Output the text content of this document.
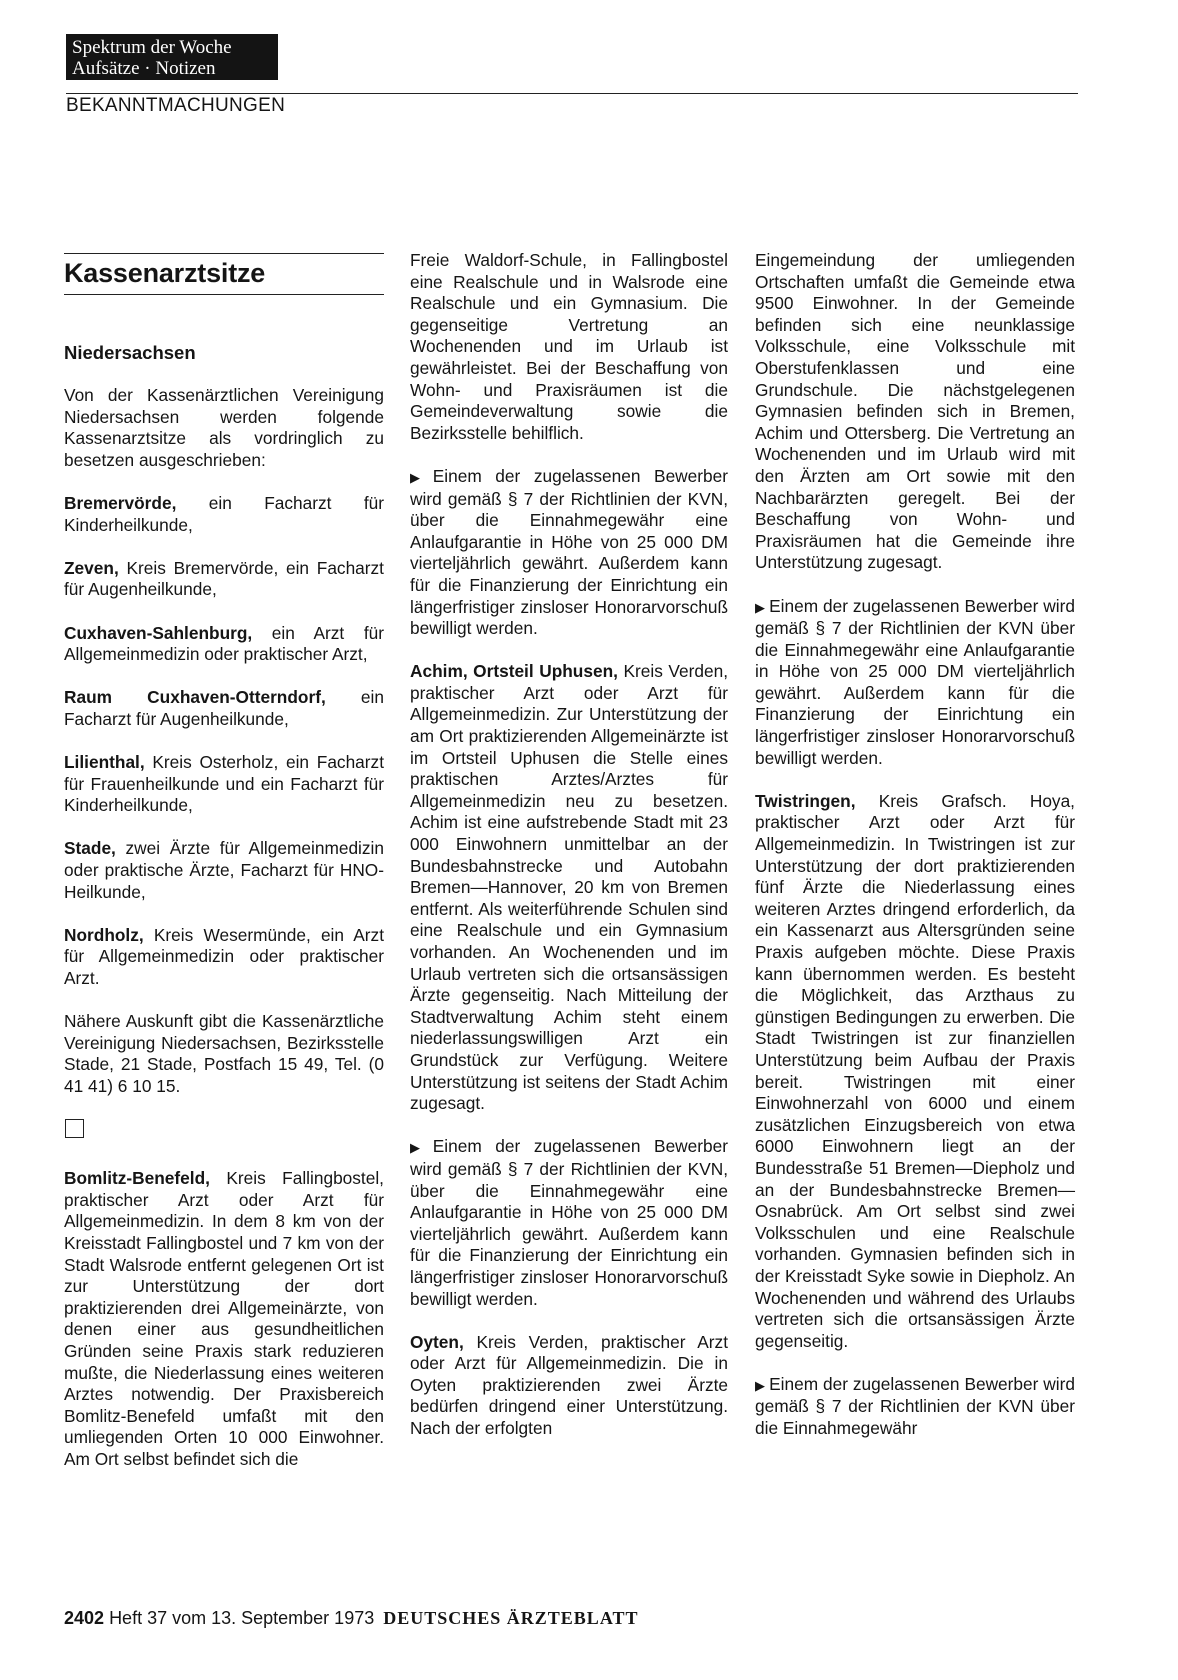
Spektrum der Woche
Aufsätze · Notizen
BEKANNTMACHUNGEN
Kassenarztsitze
Niedersachsen

Von der Kassenärztlichen Vereinigung Niedersachsen werden folgende Kassenarztsitze als vordringlich zu besetzen ausgeschrieben:

Bremervörde, ein Facharzt für Kinderheilkunde,

Zeven, Kreis Bremervörde, ein Facharzt für Augenheilkunde,

Cuxhaven-Sahlenburg, ein Arzt für Allgemeinmedizin oder praktischer Arzt,

Raum Cuxhaven-Otterndorf, ein Facharzt für Augenheilkunde,

Lilienthal, Kreis Osterholz, ein Facharzt für Frauenheilkunde und ein Facharzt für Kinderheilkunde,

Stade, zwei Ärzte für Allgemeinmedizin oder praktische Ärzte, Facharzt für HNO-Heilkunde,

Nordholz, Kreis Wesermünde, ein Arzt für Allgemeinmedizin oder praktischer Arzt.

Nähere Auskunft gibt die Kassenärztliche Vereinigung Niedersachsen, Bezirksstelle Stade, 21 Stade, Postfach 15 49, Tel. (0 41 41) 6 10 15.

Bomlitz-Benefeld, Kreis Fallingbostel, praktischer Arzt oder Arzt für Allgemeinmedizin. In dem 8 km von der Kreisstadt Fallingbostel und 7 km von der Stadt Walsrode entfernt gelegenen Ort ist zur Unterstützung der dort praktizierenden drei Allgemeinärzte, von denen einer aus gesundheitlichen Gründen seine Praxis stark reduzieren mußte, die Niederlassung eines weiteren Arztes notwendig. Der Praxisbereich Bomlitz-Benefeld umfaßt mit den umliegenden Orten 10 000 Einwohner. Am Ort selbst befindet sich die

Freie Waldorf-Schule, in Fallingbostel eine Realschule und in Walsrode eine Realschule und ein Gymnasium. Die gegenseitige Vertretung an Wochenenden und im Urlaub ist gewährleistet. Bei der Beschaffung von Wohn- und Praxisräumen ist die Gemeindeverwaltung sowie die Bezirksstelle behilflich.

▶ Einem der zugelassenen Bewerber wird gemäß § 7 der Richtlinien der KVN, über die Einnahmegewähr eine Anlaufgarantie in Höhe von 25 000 DM vierteljährlich gewährt. Außerdem kann für die Finanzierung der Einrichtung ein längerfristiger zinsloser Honorarvorschuß bewilligt werden.

Achim, Ortsteil Uphusen, Kreis Verden, praktischer Arzt oder Arzt für Allgemeinmedizin. Zur Unterstützung der am Ort praktizierenden Allgemeinärzte ist im Ortsteil Uphusen die Stelle eines praktischen Arztes/Arztes für Allgemeinmedizin neu zu besetzen. Achim ist eine aufstrebende Stadt mit 23 000 Einwohnern unmittelbar an der Bundesbahnstrecke und Autobahn Bremen—Hannover, 20 km von Bremen entfernt. Als weiterführende Schulen sind eine Realschule und ein Gymnasium vorhanden. An Wochenenden und im Urlaub vertreten sich die ortsansässigen Ärzte gegenseitig. Nach Mitteilung der Stadtverwaltung Achim steht einem niederlassungswilligen Arzt ein Grundstück zur Verfügung. Weitere Unterstützung ist seitens der Stadt Achim zugesagt.

▶ Einem der zugelassenen Bewerber wird gemäß § 7 der Richtlinien der KVN, über die Einnahmegewähr eine Anlaufgarantie in Höhe von 25 000 DM vierteljährlich gewährt. Außerdem kann für die Finanzierung der Einrichtung ein längerfristiger zinsloser Honorarvorschuß bewilligt werden.

Oyten, Kreis Verden, praktischer Arzt oder Arzt für Allgemeinmedizin. Die in Oyten praktizierenden zwei Ärzte bedürfen dringend einer Unterstützung. Nach der erfolgten

Eingemeindung der umliegenden Ortschaften umfaßt die Gemeinde etwa 9500 Einwohner. In der Gemeinde befinden sich eine neunklassige Volksschule, eine Volksschule mit Oberstufenklassen und eine Grundschule. Die nächstgelegenen Gymnasien befinden sich in Bremen, Achim und Ottersberg. Die Vertretung an Wochenenden und im Urlaub wird mit den Ärzten am Ort sowie mit den Nachbarärzten geregelt. Bei der Beschaffung von Wohn- und Praxisräumen hat die Gemeinde ihre Unterstützung zugesagt.

▶ Einem der zugelassenen Bewerber wird gemäß § 7 der Richtlinien der KVN über die Einnahmegewähr eine Anlaufgarantie in Höhe von 25 000 DM vierteljährlich gewährt. Außerdem kann für die Finanzierung der Einrichtung ein längerfristiger zinsloser Honorarvorschuß bewilligt werden.

Twistringen, Kreis Grafsch. Hoya, praktischer Arzt oder Arzt für Allgemeinmedizin. In Twistringen ist zur Unterstützung der dort praktizierenden fünf Ärzte die Niederlassung eines weiteren Arztes dringend erforderlich, da ein Kassenarzt aus Altersgründen seine Praxis aufgeben möchte. Diese Praxis kann übernommen werden. Es besteht die Möglichkeit, das Arzthaus zu günstigen Bedingungen zu erwerben. Die Stadt Twistringen ist zur finanziellen Unterstützung beim Aufbau der Praxis bereit. Twistringen mit einer Einwohnerzahl von 6000 und einem zusätzlichen Einzugsbereich von etwa 6000 Einwohnern liegt an der Bundesstraße 51 Bremen—Diepholz und an der Bundesbahnstrecke Bremen—Osnabrück. Am Ort selbst sind zwei Volksschulen und eine Realschule vorhanden. Gymnasien befinden sich in der Kreisstadt Syke sowie in Diepholz. An Wochenenden und während des Urlaubs vertreten sich die ortsansässigen Ärzte gegenseitig.

▶ Einem der zugelassenen Bewerber wird gemäß § 7 der Richtlinien der KVN über die Einnahmegewähr

2402 Heft 37 vom 13. September 1973 DEUTSCHES ÄRZTEBLATT
